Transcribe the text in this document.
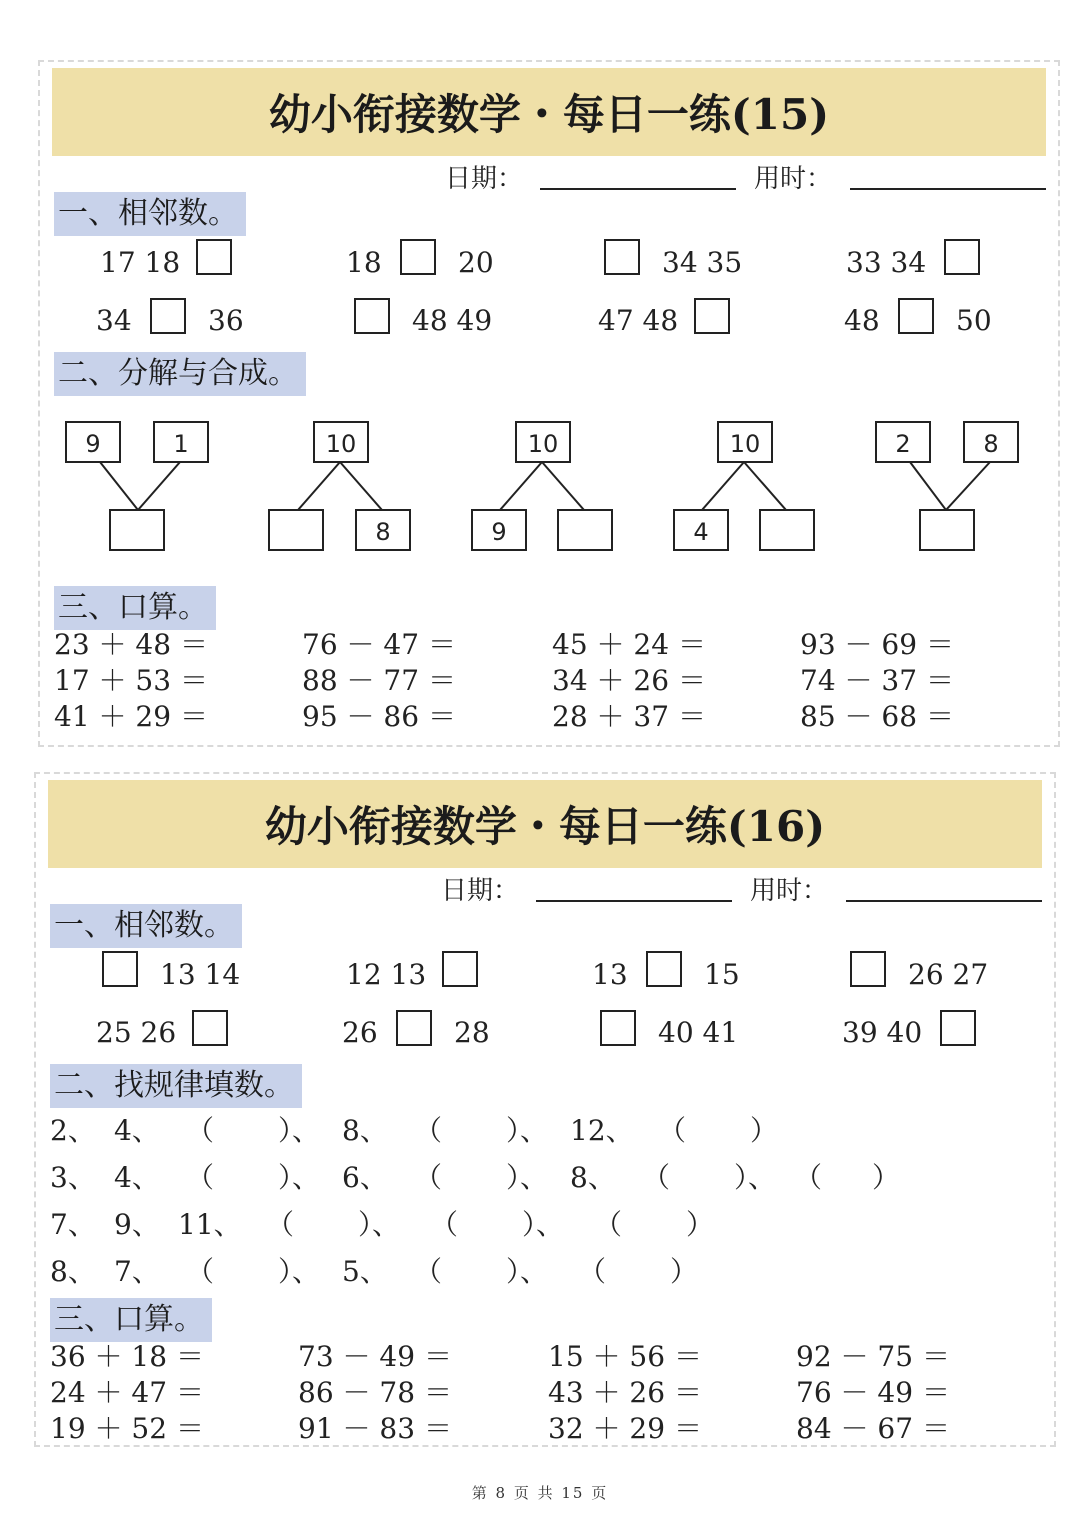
幼小衔接数学・每日一练(15)
日期：	用时：
一、相邻数。
17 18	18	20	34 35	33 34
34	36	48 49	47 48	48	50
二、分解与合成。
9	1	10
8
10
9
10
4
2	8
三、口算。
23 ＋ 48 ＝	76 － 47 ＝	45 ＋ 24 ＝	93 － 69 ＝
17 ＋ 53 ＝	88 － 77 ＝	34 ＋ 26 ＝	74 － 37 ＝
41 ＋ 29 ＝	95 － 86 ＝	28 ＋ 37 ＝	85 － 68 ＝
幼小衔接数学・每日一练(16)
日期：	用时：
一、相邻数。
13 14	12 13	13	15	26 27
25 26	26	28	40 41	39 40
二、找规律填数。
2、 4、 （ ）、 8、 （ ）、 12、 （ ）
3、 4、 （ ）、 6、 （ ）、 8、 （ ）、 （ ）
7、 9、 11、 （ ）、 （ ）、 （ ）
8、 7、 （ ）、 5、 （ ）、 （ ）
三、口算。
36 ＋ 18 ＝	73 － 49 ＝	15 ＋ 56 ＝	92 － 75 ＝
24 ＋ 47 ＝	86 － 78 ＝	43 ＋ 26 ＝	76 － 49 ＝
19 ＋ 52 ＝	91 － 83 ＝	32 ＋ 29 ＝	84 － 67 ＝
第 8 页 共 15 页
